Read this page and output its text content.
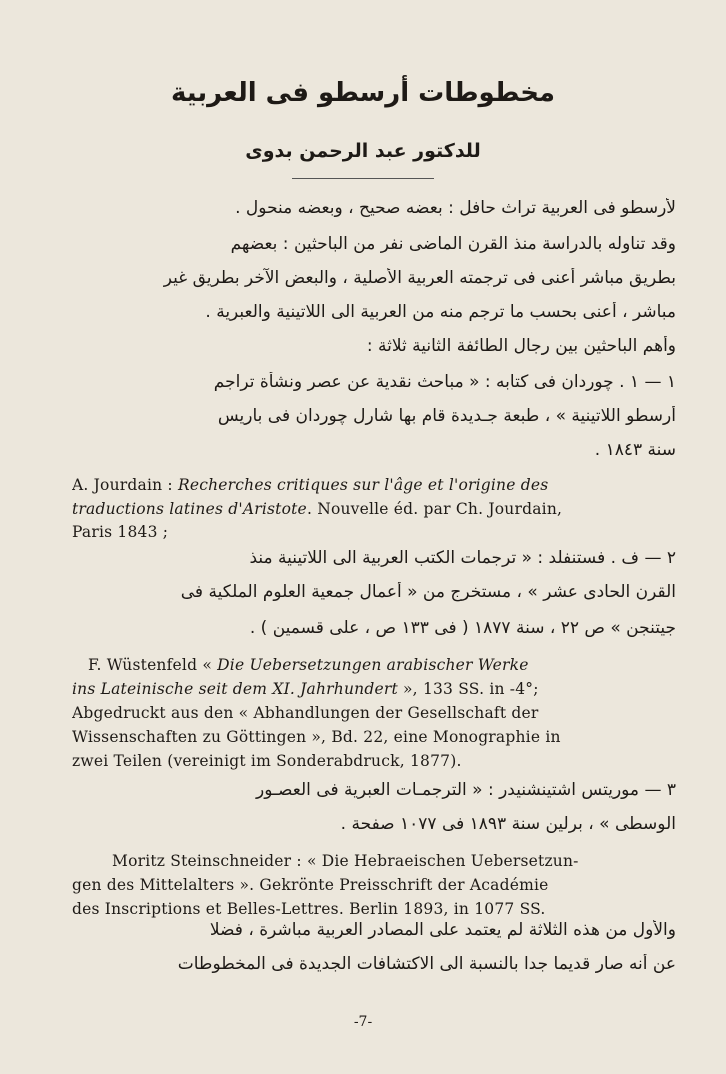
مخطوطات أرسطو فى العربية
للدكتور عبد الرحمن بدوى
لأرسطو فى العربية تراث حافل : بعضه صحيح ، وبعضه منحول .
وقد تناوله بالدراسة منذ القرن الماضى نفر من الباحثين : بعضهم
بطريق مباشر أعنى فى ترجمته العربية الأصلية ، والبعض الآخر بطريق غير
مباشر ، أعنى بحسب ما ترجم منه من العربية الى اللاتينية والعبرية .
وأهم الباحثين بين رجال الطائفة الثانية ثلاثة :
١ — ١ . چوردان فى كتابه : « مباحث نقدية عن عصر ونشأة تراجم
أرسطو اللاتينية » ، طبعة جـديدة قام بها شارل چوردان فى باريس
سنة ١٨٤٣ .
A. Jourdain : Recherches critiques sur l'âge et l'origine des
traductions latines d'Aristote. Nouvelle éd. par Ch. Jourdain,
Paris 1843 ;
٢ — ف . فستنفلد : « ترجمات الكتب العربية الى اللاتينية منذ
القرن الحادى عشر » ، مستخرج من « أعمال جمعية العلوم الملكية فى
جيتنجن » ص ٢٢ ، سنة ١٨٧٧ ( فى ١٣٣ ص ، على قسمين ) .
F. Wüstenfeld « Die Uebersetzungen arabischer Werke
ins Lateinische seit dem XI. Jahrhundert », 133 SS. in -4°;
Abgedruckt aus den « Abhandlungen der Gesellschaft der
Wissenschaften zu Göttingen », Bd. 22, eine Monographie in
zwei Teilen (vereinigt im Sonderabdruck, 1877).
٣ — موريتس اشتينشنيدر : « الترجمـات العبرية فى العصـور
الوسطى » ، برلين سنة ١٨٩٣ فى ١٠٧٧ صفحة .
Moritz Steinschneider : « Die Hebraeischen Uebersetzun-
gen des Mittelalters ». Gekrönte Preisschrift der Académie
des Inscriptions et Belles-Lettres. Berlin 1893, in 1077 SS.
والأول من هذه الثلاثة لم يعتمد على المصادر العربية مباشرة ، فضلا
عن أنه صار قديما جدا بالنسبة الى الاكتشافات الجديدة فى المخطوطات
-7-
